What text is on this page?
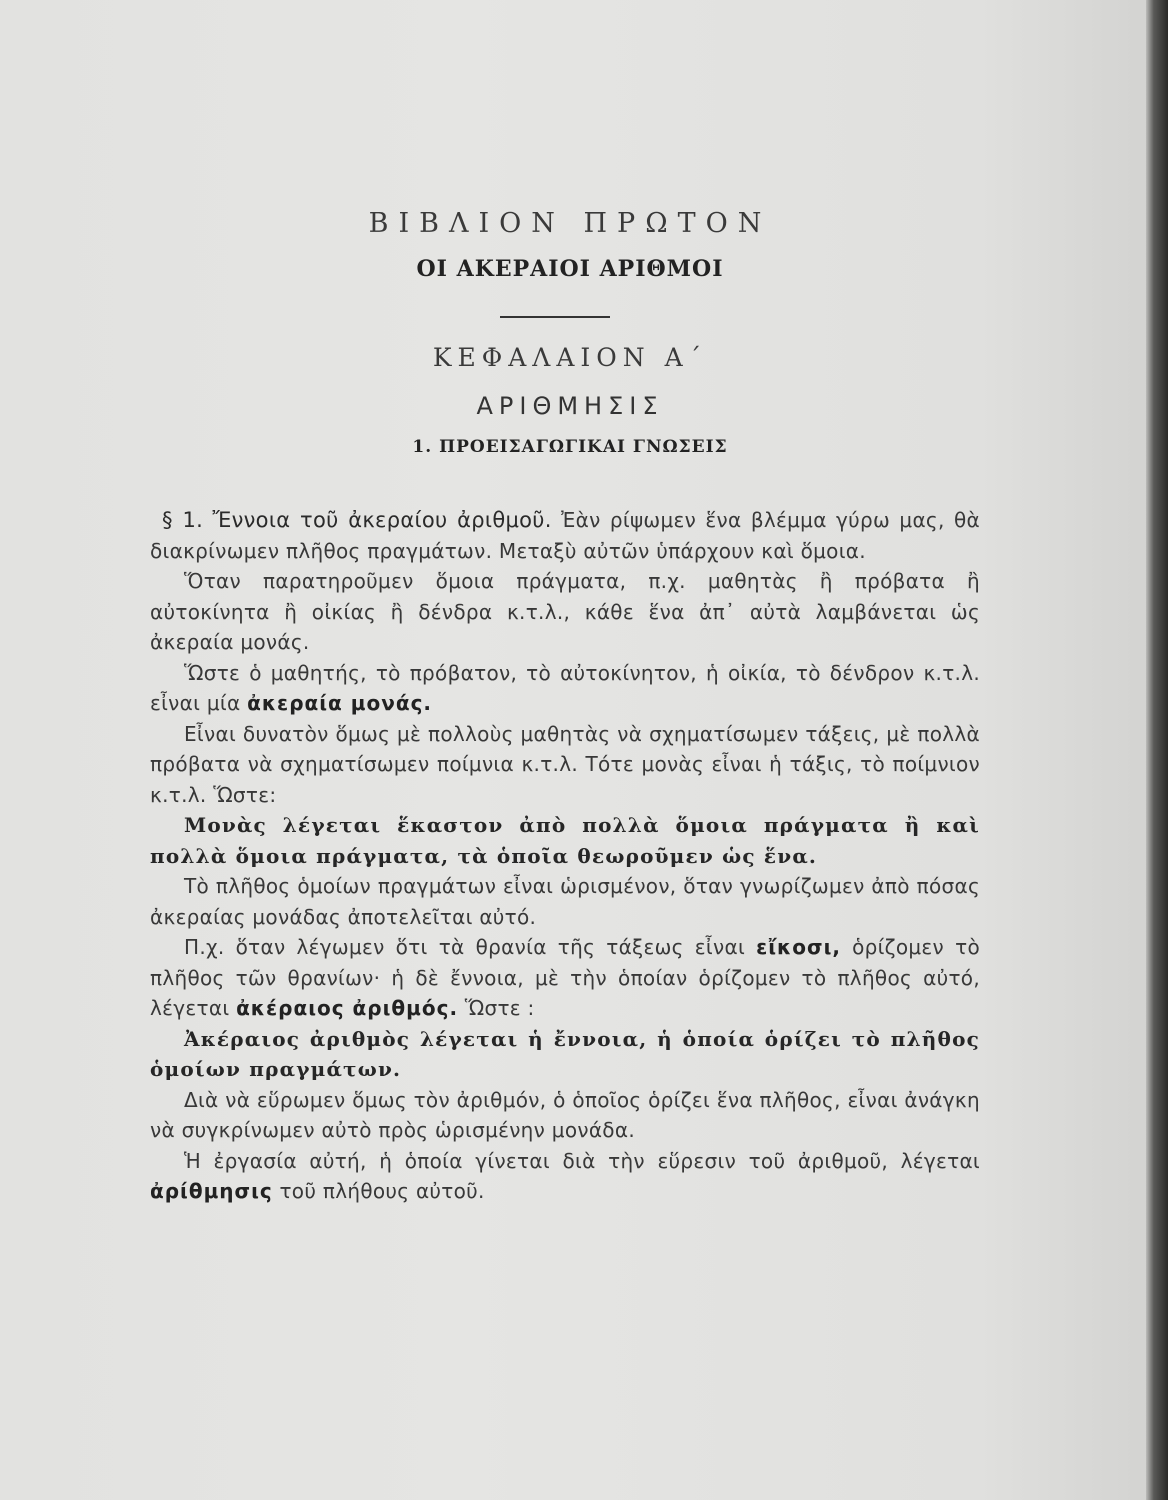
ΒΙΒΛΙΟΝ ΠΡΩΤΟΝ
ΟΙ ΑΚΕΡΑΙΟΙ ΑΡΙΘΜΟΙ
ΚΕΦΑΛΑΙΟΝ Α΄
ΑΡΙΘΜΗΣΙΣ
1. ΠΡΟΕΙΣΑΓΩΓΙΚΑΙ ΓΝΩΣΕΙΣ

§ 1. Ἔννοια τοῦ ἀκεραίου ἀριθμοῦ. Ἐὰν ρίψωμεν ἕνα βλέμμα γύρω μας, θὰ διακρίνωμεν πλῆθος πραγμάτων. Μεταξὺ αὐτῶν ὑπάρχουν καὶ ὅμοια.

Ὅταν παρατηροῦμεν ὅμοια πράγματα, π.χ. μαθητὰς ἢ πρόβατα ἢ αὐτοκίνητα ἢ οἰκίας ἢ δένδρα κ.τ.λ., κάθε ἕνα ἀπ᾽ αὐτὰ λαμβάνεται ὡς ἀκεραία μονάς.

Ὥστε ὁ μαθητής, τὸ πρόβατον, τὸ αὐτοκίνητον, ἡ οἰκία, τὸ δένδρον κ.τ.λ. εἶναι μία ἀκεραία μονάς.

Εἶναι δυνατὸν ὅμως μὲ πολλοὺς μαθητὰς νὰ σχηματίσωμεν τάξεις, μὲ πολλὰ πρόβατα νὰ σχηματίσωμεν ποίμνια κ.τ.λ. Τότε μονὰς εἶναι ἡ τάξις, τὸ ποίμνιον κ.τ.λ. Ὥστε:

Μονὰς λέγεται ἕκαστον ἀπὸ πολλὰ ὅμοια πράγματα ἢ καὶ πολλὰ ὅμοια πράγματα, τὰ ὁποῖα θεωροῦμεν ὡς ἕνα.

Τὸ πλῆθος ὁμοίων πραγμάτων εἶναι ὡρισμένον, ὅταν γνωρίζωμεν ἀπὸ πόσας ἀκεραίας μονάδας ἀποτελεῖται αὐτό.

Π.χ. ὅταν λέγωμεν ὅτι τὰ θρανία τῆς τάξεως εἶναι εἴκοσι, ὁρίζομεν τὸ πλῆθος τῶν θρανίων· ἡ δὲ ἔννοια, μὲ τὴν ὁποίαν ὁρίζομεν τὸ πλῆθος αὐτό, λέγεται ἀκέραιος ἀριθμός. Ὥστε :

Ἀκέραιος ἀριθμὸς λέγεται ἡ ἔννοια, ἡ ὁποία ὁρίζει τὸ πλῆθος ὁμοίων πραγμάτων.

Διὰ νὰ εὕρωμεν ὅμως τὸν ἀριθμόν, ὁ ὁποῖος ὁρίζει ἕνα πλῆθος, εἶναι ἀνάγκη νὰ συγκρίνωμεν αὐτὸ πρὸς ὡρισμένην μονάδα.

Ἡ ἐργασία αὐτή, ἡ ὁποία γίνεται διὰ τὴν εὕρεσιν τοῦ ἀριθμοῦ, λέγεται ἀρίθμησις τοῦ πλήθους αὐτοῦ.
